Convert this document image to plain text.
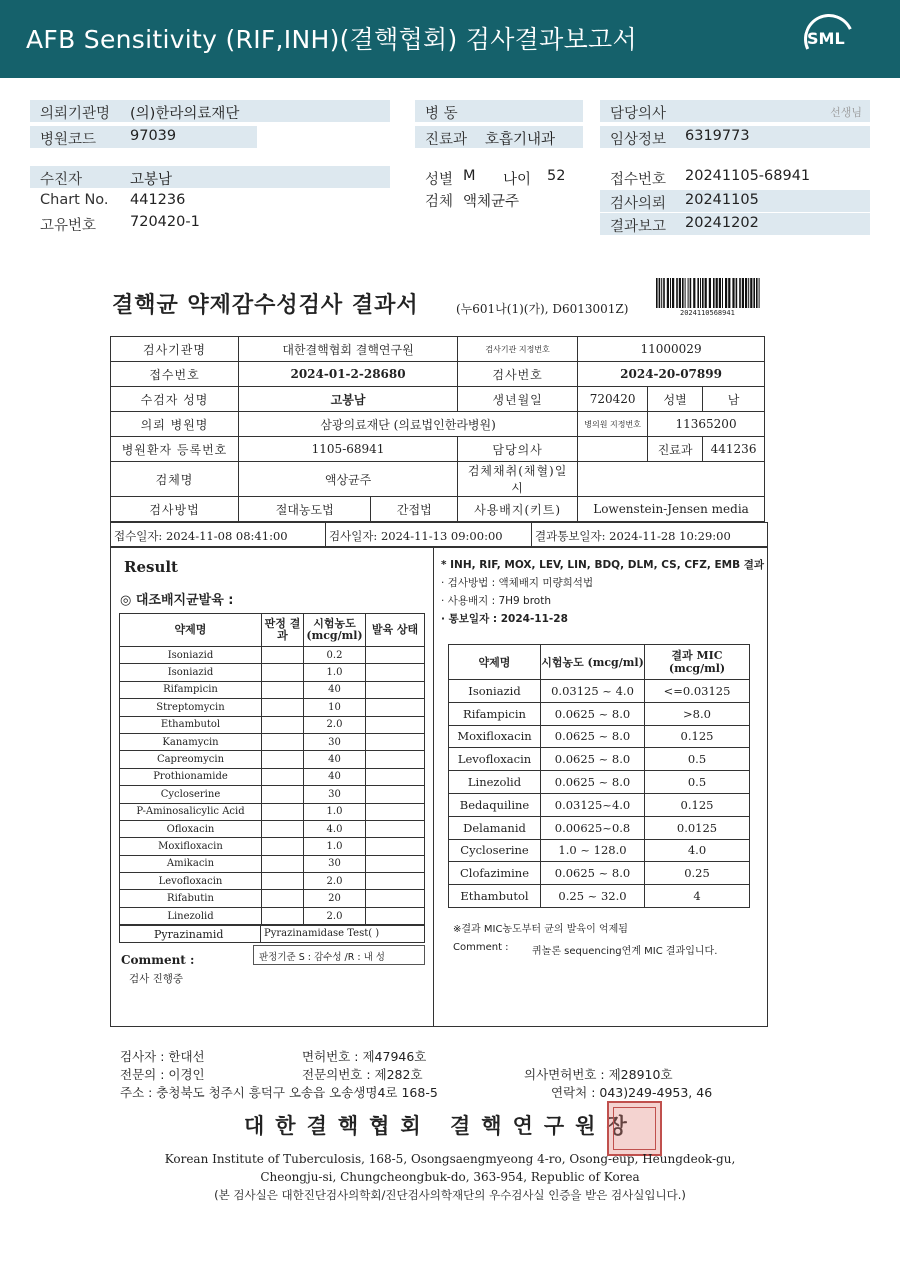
AFB Sensitivity (RIF,INH)(결핵협회) 검사결과보고서	SML
의뢰기관명 (의)한라의료재단
병원코드 97039
수진자	고봉남
Chart No. 441236
고유번호 720420-1
병 동
진료과 호흡기내과
성별 M 나이 52
검체 액체균주
담당의사	선생님
임상정보 6319773
접수번호 20241105-68941
검사의뢰 20241105
결과보고 20241202
결핵균 약제감수성검사 결과서	(누601나(1)(가), D6013001Z)	2024110568941
검사기관명	대한결핵협회 결핵연구원		검사기관 지정번호	11000029		
접수번호	2024-01-2-28680		검사번호	2024-20-07899		
수검자 성명	고봉남		생년월일	720420	성별	남
의뢰 병원명	삼광의료재단 (의료법인한라병원)			병의원 지정번호	11365200	
병원환자 등록번호	1105-68941		담당의사		진료과	441236
검체명	액상균주		검체채취(채혈)일시			
검사방법	절대농도법	간접법	사용배지(키트)	Lowenstein-Jensen media		
접수일자: 2024-11-08 08:41:00	검사일자: 2024-11-13 09:00:00	결과통보일자: 2024-11-28 10:29:00
Result
◎ 대조배지균발육 :
약제명	판정 결과	시험농도 (mcg/ml)	발육 상태
Isoniazid		0.2	
Isoniazid		1.0	
Rifampicin		40	
Streptomycin		10	
Ethambutol		2.0	
Kanamycin		30	
Capreomycin		40	
Prothionamide		40	
Cycloserine		30	
P-Aminosalicylic Acid		1.0	
Ofloxacin		4.0	
Moxifloxacin		1.0	
Amikacin		30	
Levofloxacin		2.0	
Rifabutin		20	
Linezolid		2.0	
Pyrazinamid	Pyrazinamidase Test( )
판정기준 S : 감수성 /R : 내 성
Comment :
검사 진행중
* INH, RIF, MOX, LEV, LIN, BDQ, DLM, CS, CFZ, EMB 결과
· 검사방법 : 액체배지 미량희석법
· 사용배지 : 7H9 broth
· 통보일자 : 2024-11-28
약제명	시험농도 (mcg/ml)	결과 MIC (mcg/ml)
Isoniazid	0.03125 ~ 4.0	<=0.03125
Rifampicin	0.0625 ~ 8.0	>8.0
Moxifloxacin	0.0625 ~ 8.0	0.125
Levofloxacin	0.0625 ~ 8.0	0.5
Linezolid	0.0625 ~ 8.0	0.5
Bedaquiline	0.03125~4.0	0.125
Delamanid	0.00625~0.8	0.0125
Cycloserine	1.0 ~ 128.0	4.0
Clofazimine	0.0625 ~ 8.0	0.25
Ethambutol	0.25 ~ 32.0	4
※결과 MIC농도부터 균의 발육이 억제됨
Comment : 퀴놀론 sequencing연계 MIC 결과입니다.
검사자 : 한대선	면허번호 : 제47946호
전문의 : 이경인	전문의번호 : 제282호	의사면허번호 : 제28910호
주소 : 충청북도 청주시 흥덕구 오송읍 오송생명4로 168-5	연락처 : 043)249-4953, 46
대한결핵협회 결핵연구원장
Korean Institute of Tuberculosis, 168-5, Osongsaengmyeong 4-ro, Osong-eup, Heungdeok-gu,
Cheongju-si, Chungcheongbuk-do, 363-954, Republic of Korea
(본 검사실은 대한진단검사의학회/진단검사의학재단의 우수검사실 인증을 받은 검사실입니다.)
